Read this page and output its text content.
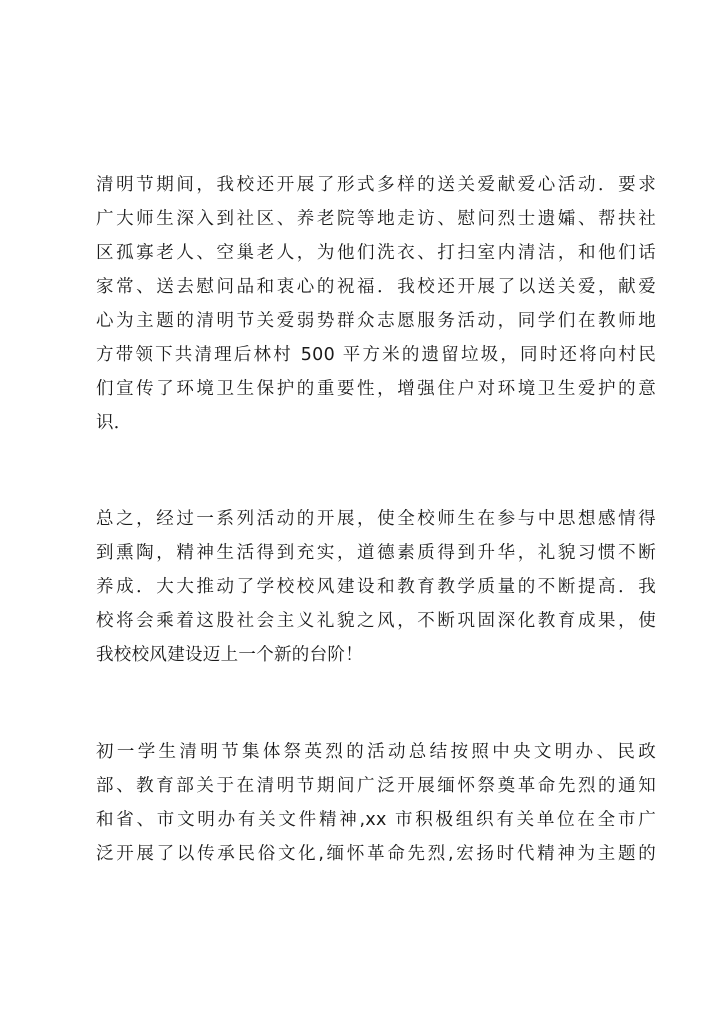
清明节期间，我校还开展了形式多样的送关爱献爱心活动．要求
广大师生深入到社区、养老院等地走访、慰问烈士遗孀、帮扶社
区孤寡老人、空巢老人，为他们洗衣、打扫室内清洁，和他们话
家常、送去慰问品和衷心的祝福．我校还开展了以送关爱，献爱
心为主题的清明节关爱弱势群众志愿服务活动，同学们在教师地
方带领下共清理后林村 500 平方米的遗留垃圾，同时还将向村民
们宣传了环境卫生保护的重要性，增强住户对环境卫生爱护的意
识．
总之，经过一系列活动的开展，使全校师生在参与中思想感情得
到熏陶，精神生活得到充实，道德素质得到升华，礼貌习惯不断
养成．大大推动了学校校风建设和教育教学质量的不断提高．我
校将会乘着这股社会主义礼貌之风，不断巩固深化教育成果，使
我校校风建设迈上一个新的台阶！
初一学生清明节集体祭英烈的活动总结按照中央文明办、民政
部、教育部关于在清明节期间广泛开展缅怀祭奠革命先烈的通知
和省、市文明办有关文件精神,xx 市积极组织有关单位在全市广
泛开展了以传承民俗文化,缅怀革命先烈,宏扬时代精神为主题的
